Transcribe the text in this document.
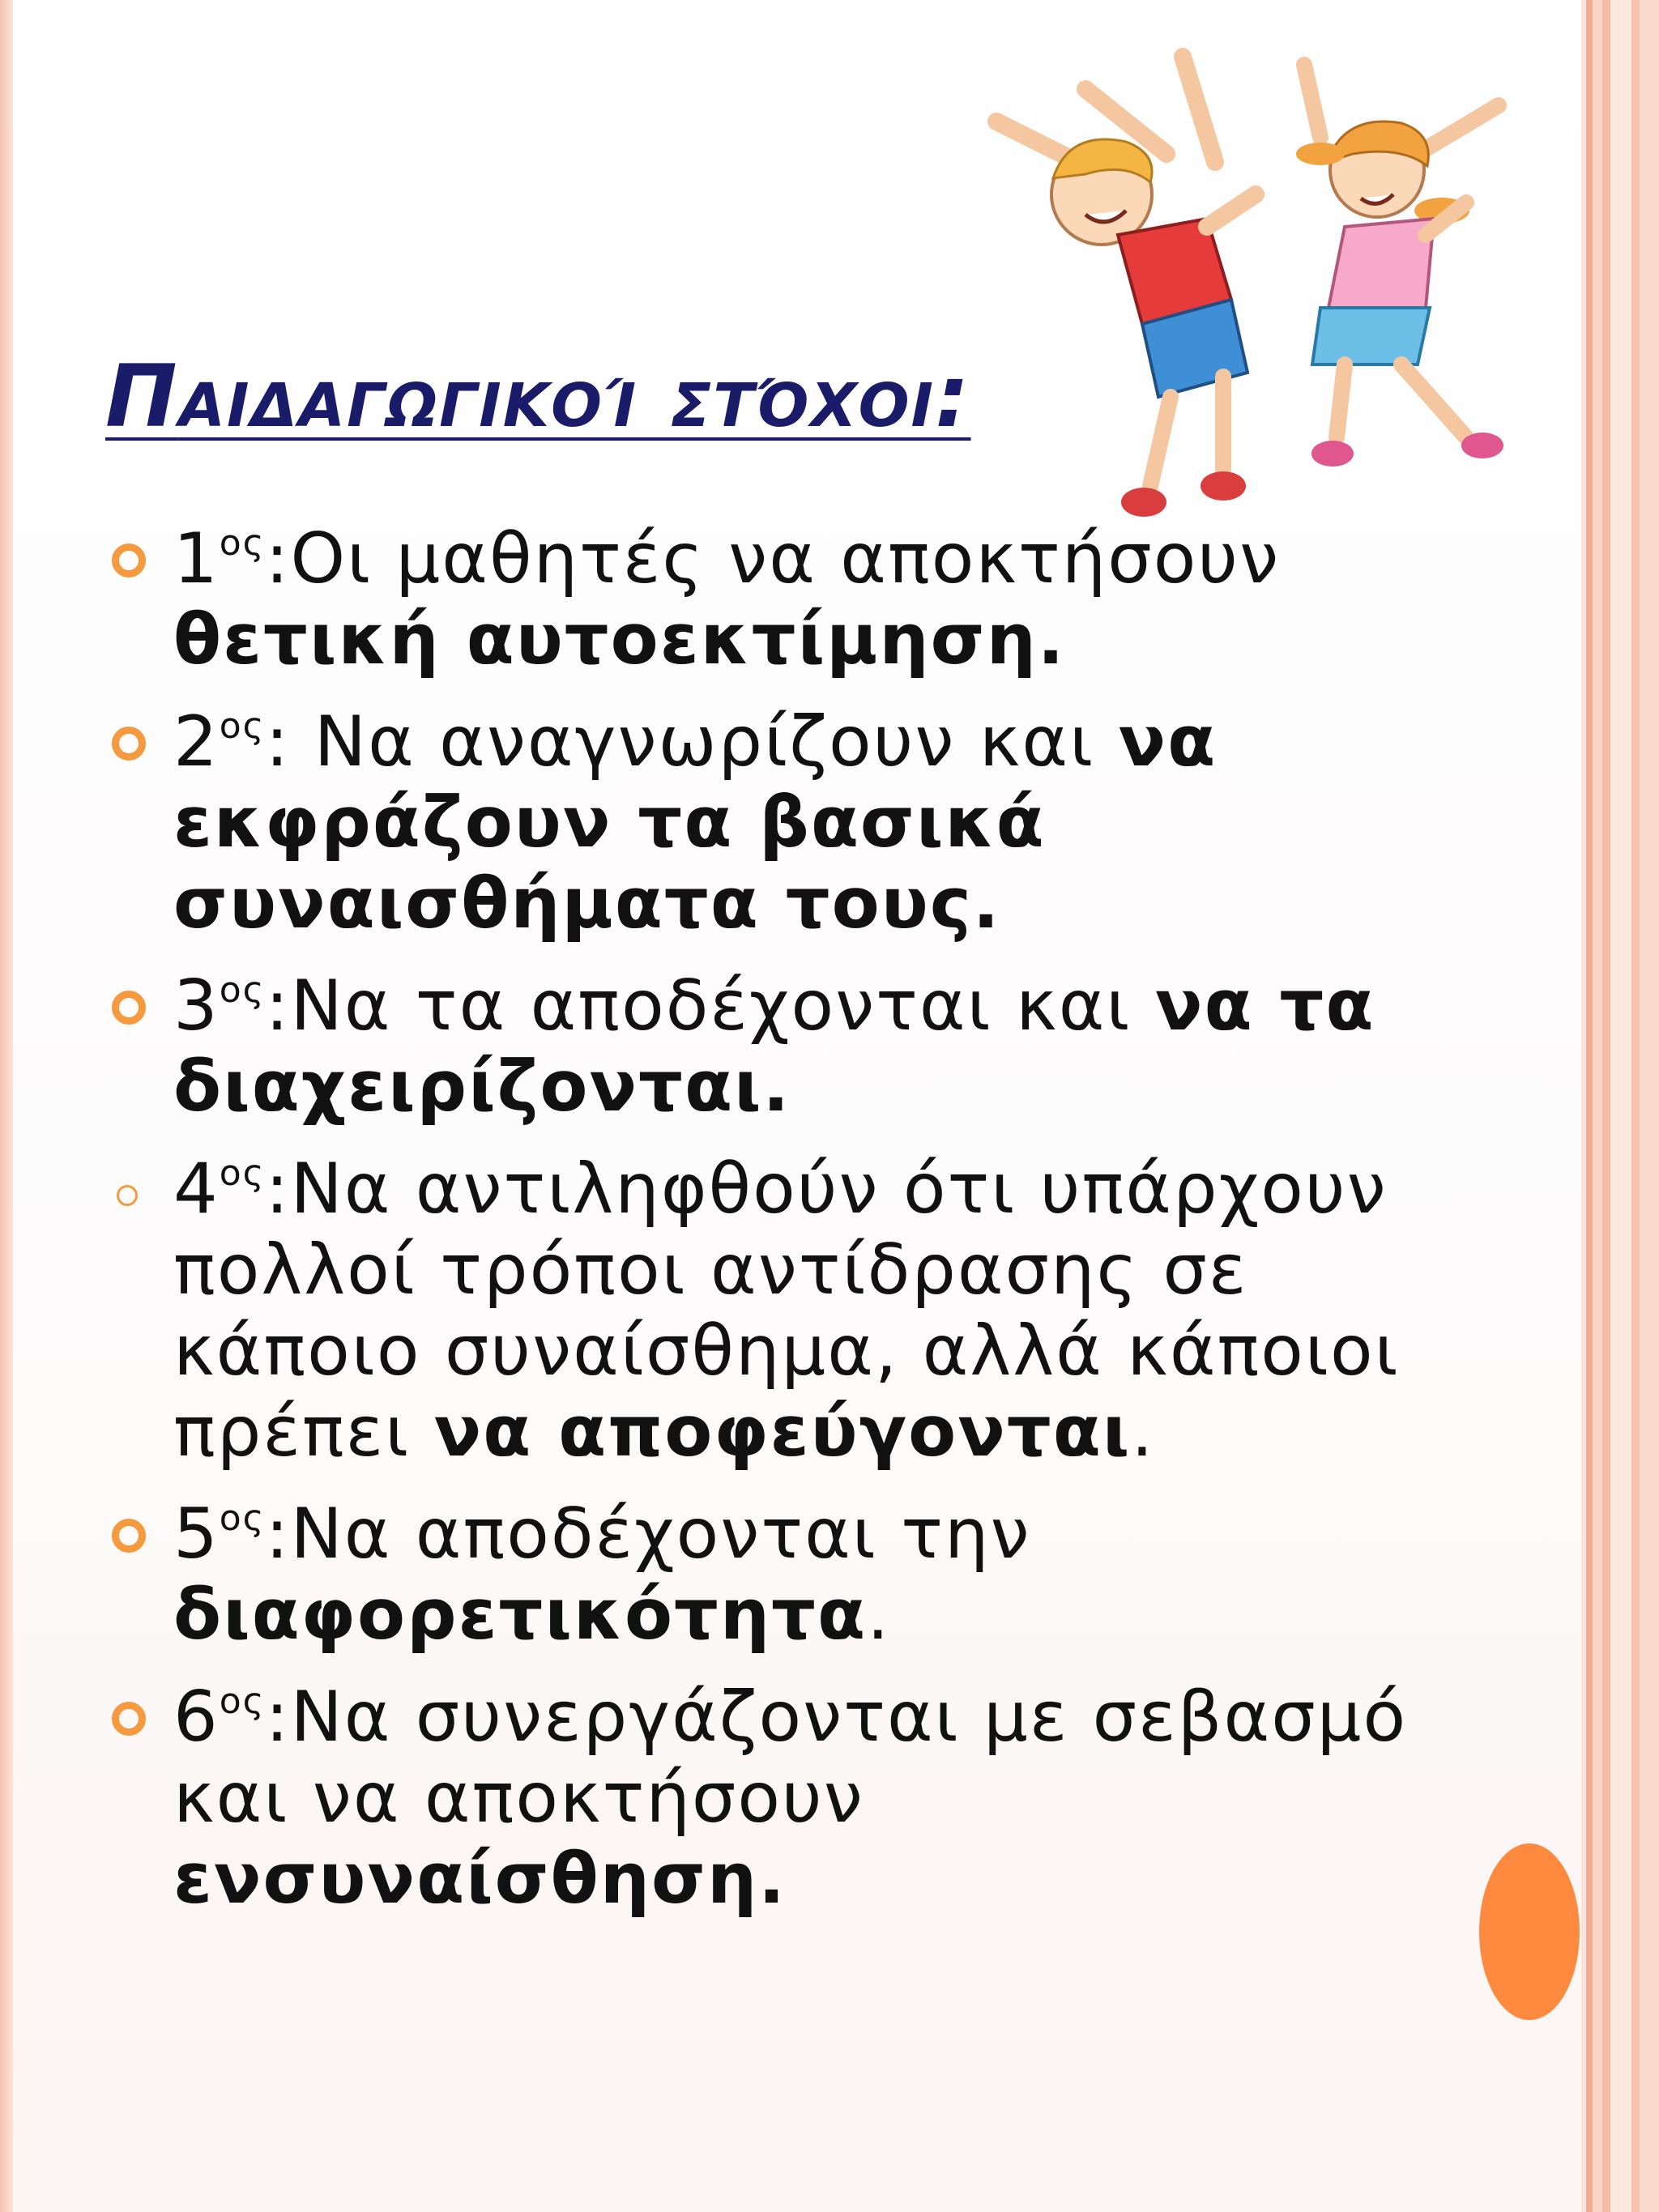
Παιδαγωγικοί στόχοι:
$1^{o\varsigma}:O\iota$ μαθητές να αποκτήσουν θετική αυτοεκτίμηση.
$2^{o\varsigma}$: Να αναγνωρίζουν και να εκφράζουν τα βασικά συναισθήματα τους.
$3^{o\varsigma}:N\alpha$ τα αποδέχονται και να τα διαχειρίζονται.
$4^{o\varsigma}:N\alpha$ αντιληφθούν ότι υπάρχουν πολλοί τρόποι αντίδρασης σε κάποιο συναίσθημα, αλλά κάποιοι πρέπει να αποφεύγονται.
$5^{o\varsigma}:N\alpha$ αποδέχονται την διαφορετικότητα.
$6^{o\varsigma}:N\alpha$ συνεργάζονται με σεβασμό και να αποκτήσουν ενσυναίσθηση.
